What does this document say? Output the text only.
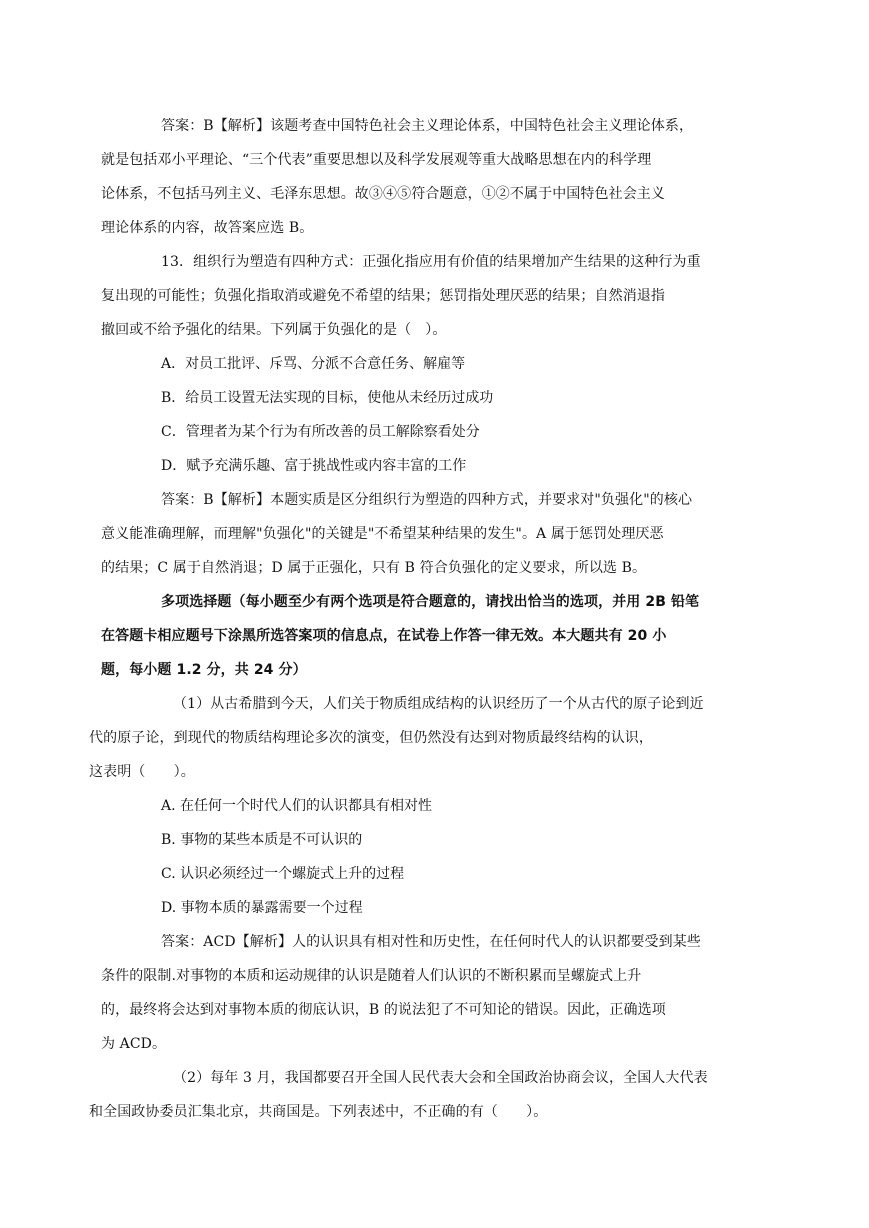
答案：B【解析】该题考查中国特色社会主义理论体系，中国特色社会主义理论体系，
就是包括邓小平理论、“三个代表”重要思想以及科学发展观等重大战略思想在内的科学理
论体系，不包括马列主义、毛泽东思想。故③④⑤符合题意，①②不属于中国特色社会主义
理论体系的内容，故答案应选 B。
13．组织行为塑造有四种方式：正强化指应用有价值的结果增加产生结果的这种行为重
复出现的可能性；负强化指取消或避免不希望的结果；惩罚指处理厌恶的结果；自然消退指
撤回或不给予强化的结果。下列属于负强化的是（　）。
A．对员工批评、斥骂、分派不合意任务、解雇等
B．给员工设置无法实现的目标，使他从未经历过成功
C．管理者为某个行为有所改善的员工解除察看处分
D．赋予充满乐趣、富于挑战性或内容丰富的工作
答案：B【解析】本题实质是区分组织行为塑造的四种方式，并要求对"负强化"的核心
意义能准确理解，而理解"负强化"的关键是"不希望某种结果的发生"。A 属于惩罚处理厌恶
的结果；C 属于自然消退；D 属于正强化，只有 B 符合负强化的定义要求，所以选 B。
多项选择题（每小题至少有两个选项是符合题意的，请找出恰当的选项，并用 2B 铅笔
在答题卡相应题号下涂黑所选答案项的信息点，在试卷上作答一律无效。本大题共有 20 小
题，每小题 1.2 分，共 24 分）
（1）从古希腊到今天，人们关于物质组成结构的认识经历了一个从古代的原子论到近
代的原子论，到现代的物质结构理论多次的演变，但仍然没有达到对物质最终结构的认识，
这表明（　　）。
A. 在任何一个时代人们的认识都具有相对性
B. 事物的某些本质是不可认识的
C. 认识必须经过一个螺旋式上升的过程
D. 事物本质的暴露需要一个过程
答案：ACD【解析】人的认识具有相对性和历史性，在任何时代人的认识都要受到某些
条件的限制.对事物的本质和运动规律的认识是随着人们认识的不断积累而呈螺旋式上升
的，最终将会达到对事物本质的彻底认识，B 的说法犯了不可知论的错误。因此，正确选项
为 ACD。
（2）每年 3 月，我国都要召开全国人民代表大会和全国政治协商会议，全国人大代表
和全国政协委员汇集北京，共商国是。下列表述中，不正确的有（　　）。
